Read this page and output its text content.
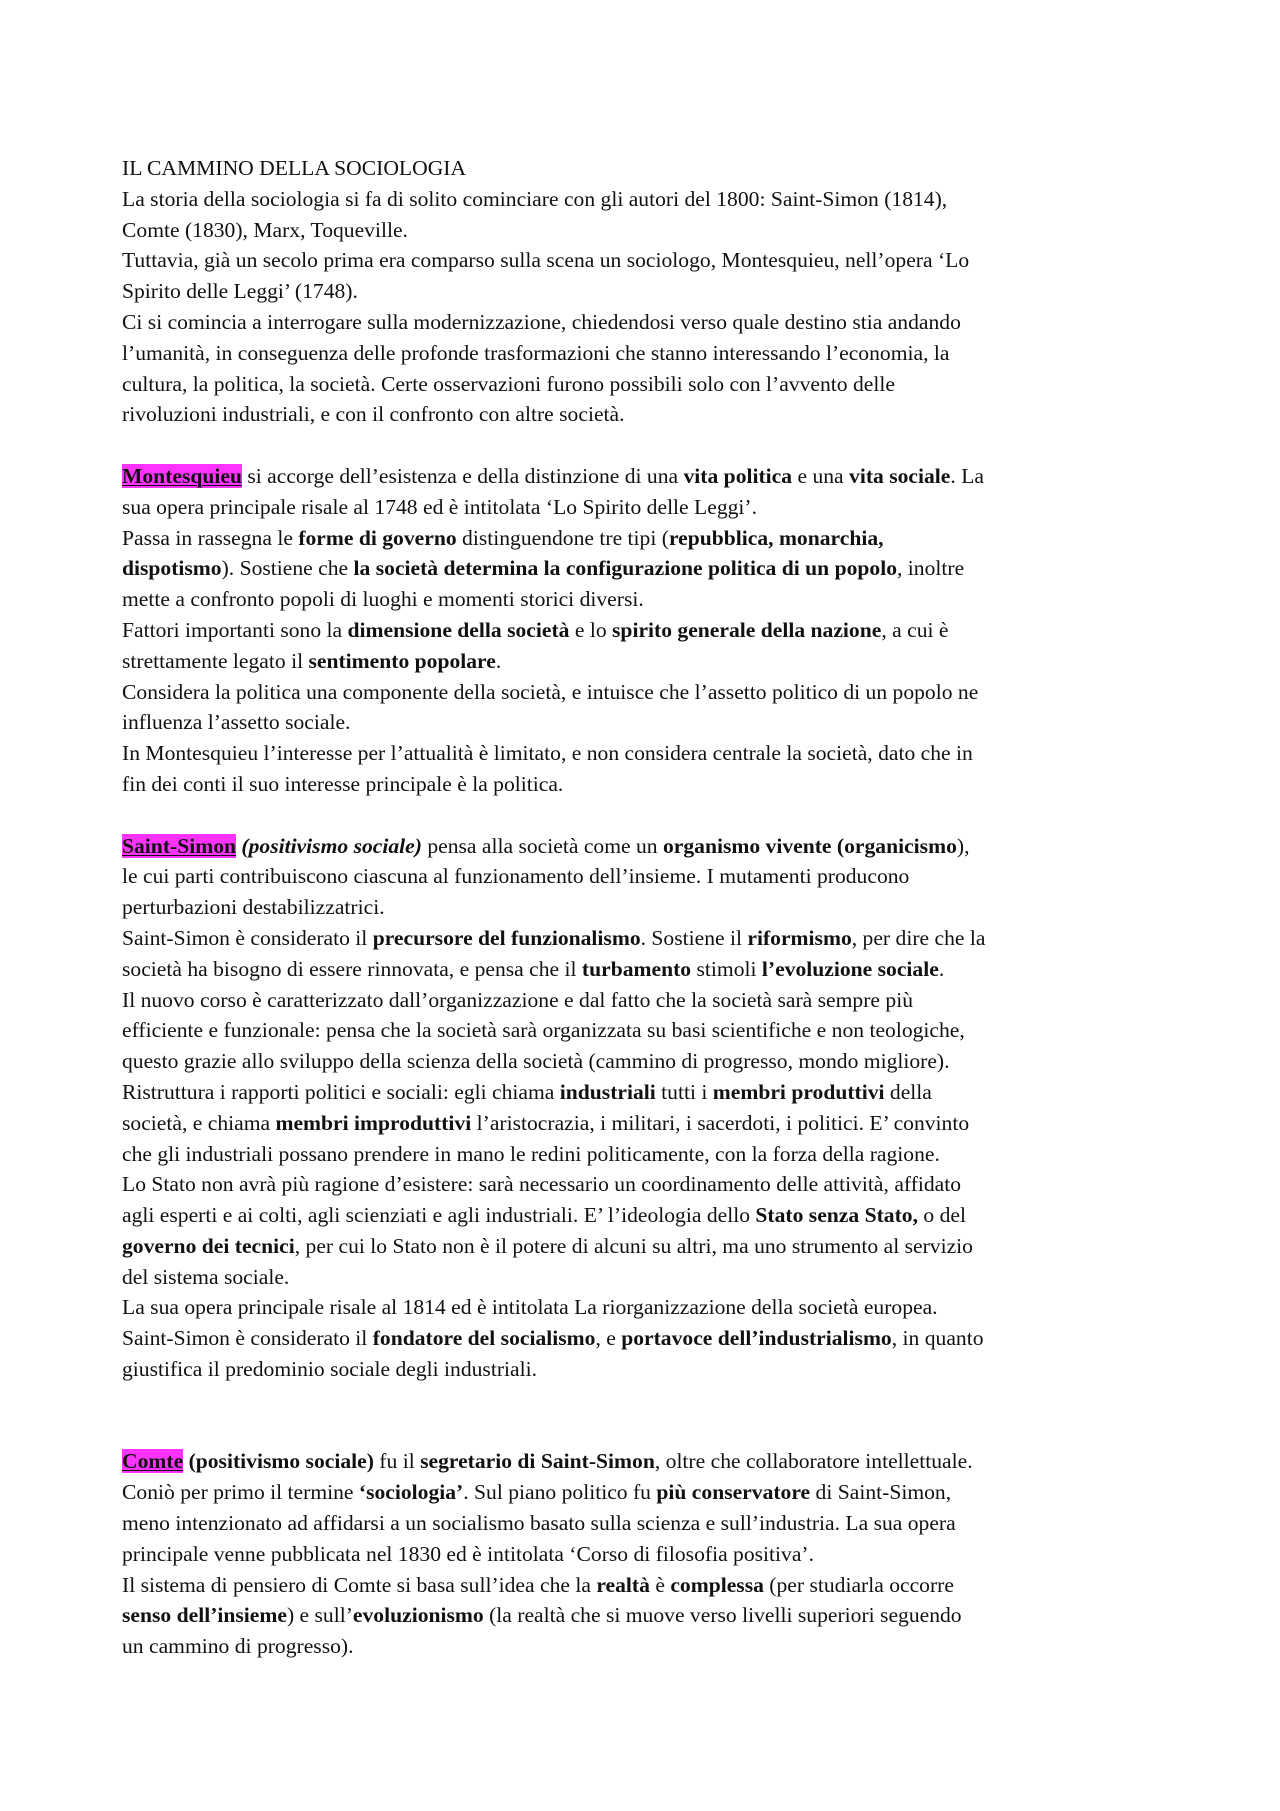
IL CAMMINO DELLA SOCIOLOGIA
La storia della sociologia si fa di solito cominciare con gli autori del 1800: Saint-Simon (1814),
Comte (1830), Marx, Toqueville.
Tuttavia, già un secolo prima era comparso sulla scena un sociologo, Montesquieu, nell’opera ‘Lo
Spirito delle Leggi’ (1748).
Ci si comincia a interrogare sulla modernizzazione, chiedendosi verso quale destino stia andando
l’umanità, in conseguenza delle profonde trasformazioni che stanno interessando l’economia, la
cultura, la politica, la società. Certe osservazioni furono possibili solo con l’avvento delle
rivoluzioni industriali, e con il confronto con altre società.
Montesquieu si accorge dell’esistenza e della distinzione di una vita politica e una vita sociale. La
sua opera principale risale al 1748 ed è intitolata ‘Lo Spirito delle Leggi’.
Passa in rassegna le forme di governo distinguendone tre tipi (repubblica, monarchia,
dispotismo). Sostiene che la società determina la configurazione politica di un popolo, inoltre
mette a confronto popoli di luoghi e momenti storici diversi.
Fattori importanti sono la dimensione della società e lo spirito generale della nazione, a cui è
strettamente legato il sentimento popolare.
Considera la politica una componente della società, e intuisce che l’assetto politico di un popolo ne
influenza l’assetto sociale.
In Montesquieu l’interesse per l’attualità è limitato, e non considera centrale la società, dato che in
fin dei conti il suo interesse principale è la politica.
Saint-Simon (positivismo sociale) pensa alla società come un organismo vivente (organicismo),
le cui parti contribuiscono ciascuna al funzionamento dell’insieme. I mutamenti producono
perturbazioni destabilizzatrici.
Saint-Simon è considerato il precursore del funzionalismo. Sostiene il riformismo, per dire che la
società ha bisogno di essere rinnovata, e pensa che il turbamento stimoli l’evoluzione sociale.
Il nuovo corso è caratterizzato dall’organizzazione e dal fatto che la società sarà sempre più
efficiente e funzionale: pensa che la società sarà organizzata su basi scientifiche e non teologiche,
questo grazie allo sviluppo della scienza della società (cammino di progresso, mondo migliore).
Ristruttura i rapporti politici e sociali: egli chiama industriali tutti i membri produttivi della
società, e chiama membri improduttivi l’aristocrazia, i militari, i sacerdoti, i politici. E’ convinto
che gli industriali possano prendere in mano le redini politicamente, con la forza della ragione.
Lo Stato non avrà più ragione d’esistere: sarà necessario un coordinamento delle attività, affidato
agli esperti e ai colti, agli scienziati e agli industriali. E’ l’ideologia dello Stato senza Stato, o del
governo dei tecnici, per cui lo Stato non è il potere di alcuni su altri, ma uno strumento al servizio
del sistema sociale.
La sua opera principale risale al 1814 ed è intitolata La riorganizzazione della società europea.
Saint-Simon è considerato il fondatore del socialismo, e portavoce dell’industrialismo, in quanto
giustifica il predominio sociale degli industriali.
Comte (positivismo sociale) fu il segretario di Saint-Simon, oltre che collaboratore intellettuale.
Coniò per primo il termine ‘sociologia’. Sul piano politico fu più conservatore di Saint-Simon,
meno intenzionato ad affidarsi a un socialismo basato sulla scienza e sull’industria. La sua opera
principale venne pubblicata nel 1830 ed è intitolata ‘Corso di filosofia positiva’.
Il sistema di pensiero di Comte si basa sull’idea che la realtà è complessa (per studiarla occorre
senso dell’insieme) e sull’evoluzionismo (la realtà che si muove verso livelli superiori seguendo
un cammino di progresso).
